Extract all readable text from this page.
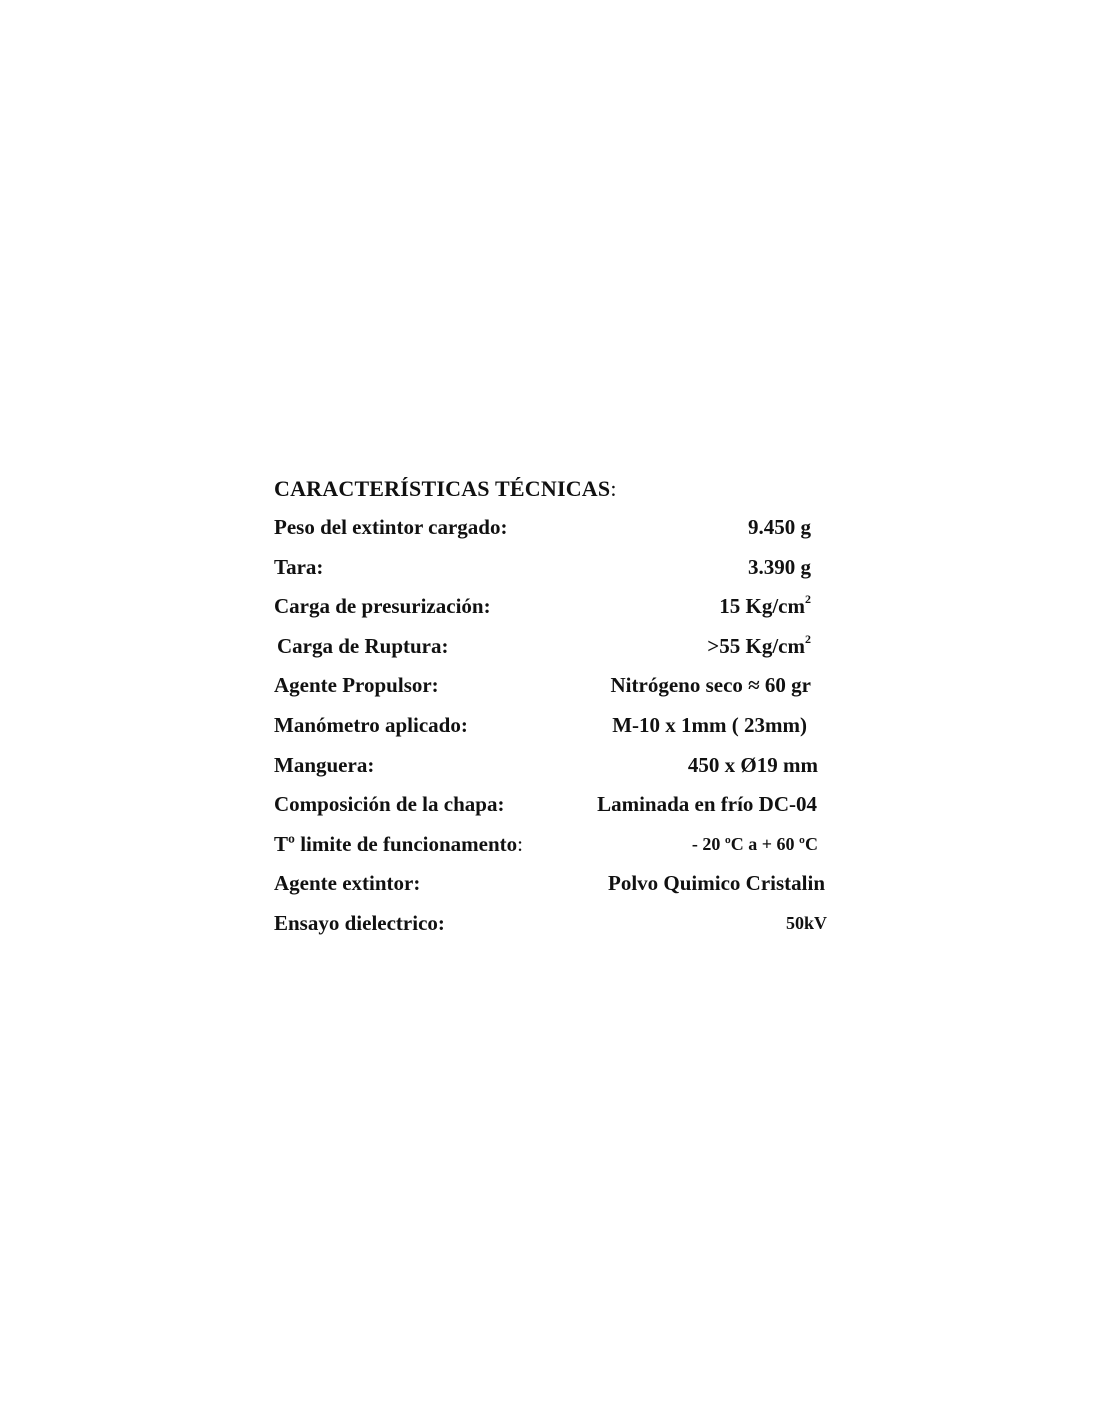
CARACTERÍSTICAS TÉCNICAS:
Peso del extintor cargado:	9.450 g
Tara:	3.390 g
Carga de presurización:	15 $Kg/cm^2$
Carga de Ruptura:	>55 $Kg/cm^2$
Agente Propulsor:	Nitrógeno seco ≈ 60 gr
Manómetro aplicado:	M-10 x 1mm ( 23mm)
Manguera:	450 x Ø19 mm
Composición de la chapa:	Laminada en frío DC-04
Tº limite de funcionamento:	- 20 ºC a + 60 ºC
Agente extintor:	Polvo Quimico Cristalin
Ensayo dielectrico:	50kV
